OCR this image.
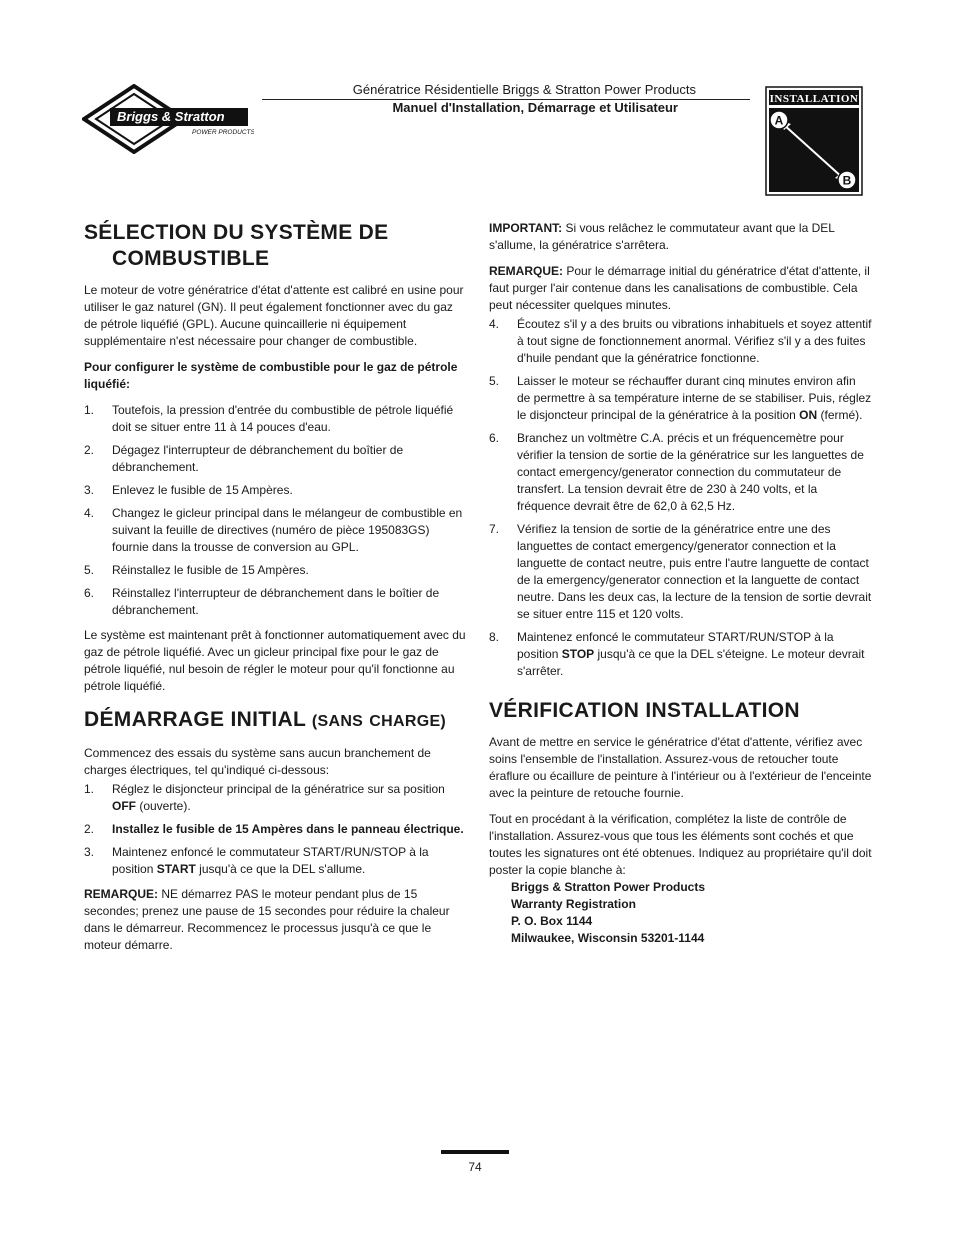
Briggs & Stratton
POWER PRODUCTS
Génératrice Résidentielle Briggs & Stratton Power Products
Manuel d'Installation, Démarrage et Utilisateur
INSTALLATION
A
B
SÉLECTION DU SYSTÈME DE COMBUSTIBLE

Le moteur de votre génératrice d'état d'attente est calibré en usine pour utiliser le gaz naturel (GN). Il peut également fonctionner avec du gaz de pétrole liquéfié (GPL). Aucune quincaillerie ni équipement supplémentaire n'est nécessaire pour changer de combustible.

Pour configurer le système de combustible pour le gaz de pétrole liquéfié:

1. Toutefois, la pression d'entrée du combustible de pétrole liquéfié doit se situer entre 11 à 14 pouces d'eau.
2. Dégagez l'interrupteur de débranchement du boîtier de débranchement.
3. Enlevez le fusible de 15 Ampères.
4. Changez le gicleur principal dans le mélangeur de combustible en suivant la feuille de directives (numéro de pièce 195083GS) fournie dans la trousse de conversion au GPL.
5. Réinstallez le fusible de 15 Ampères.
6. Réinstallez l'interrupteur de débranchement dans le boîtier de débranchement.

Le système est maintenant prêt à fonctionner automatiquement avec du gaz de pétrole liquéfié. Avec un gicleur principal fixe pour le gaz de pétrole liquéfié, nul besoin de régler le moteur pour qu'il fonctionne au pétrole liquéfié.

DÉMARRAGE INITIAL (SANS CHARGE)

Commencez des essais du système sans aucun branchement de charges électriques, tel qu'indiqué ci-dessous:

1. Réglez le disjoncteur principal de la génératrice sur sa position OFF (ouverte).
2. Installez le fusible de 15 Ampères dans le panneau électrique.
3. Maintenez enfoncé le commutateur START/RUN/STOP à la position START jusqu'à ce que la DEL s'allume.

REMARQUE: NE démarrez PAS le moteur pendant plus de 15 secondes; prenez une pause de 15 secondes pour réduire la chaleur dans le démarreur. Recommencez le processus jusqu'à ce que le moteur démarre.

IMPORTANT: Si vous relâchez le commutateur avant que la DEL s'allume, la génératrice s'arrêtera.

REMARQUE: Pour le démarrage initial du génératrice d'état d'attente, il faut purger l'air contenue dans les canalisations de combustible. Cela peut nécessiter quelques minutes.

4. Écoutez s'il y a des bruits ou vibrations inhabituels et soyez attentif à tout signe de fonctionnement anormal. Vérifiez s'il y a des fuites d'huile pendant que la génératrice fonctionne.
5. Laisser le moteur se réchauffer durant cinq minutes environ afin de permettre à sa température interne de se stabiliser. Puis, réglez le disjoncteur principal de la génératrice à la position ON (fermé).
6. Branchez un voltmètre C.A. précis et un fréquencemètre pour vérifier la tension de sortie de la génératrice sur les languettes de contact emergency/generator connection du commutateur de transfert. La tension devrait être de 230 à 240 volts, et la fréquence devrait être de 62,0 à 62,5 Hz.
7. Vérifiez la tension de sortie de la génératrice entre une des languettes de contact emergency/generator connection et la languette de contact neutre, puis entre l'autre languette de contact de la emergency/generator connection et la languette de contact neutre. Dans les deux cas, la lecture de la tension de sortie devrait se situer entre 115 et 120 volts.
8. Maintenez enfoncé le commutateur START/RUN/STOP à la position STOP jusqu'à ce que la DEL s'éteigne. Le moteur devrait s'arrêter.
VÉRIFICATION INSTALLATION

Avant de mettre en service le génératrice d'état d'attente, vérifiez avec soins l'ensemble de l'installation. Assurez-vous de retoucher toute éraflure ou écaillure de peinture à l'intérieur ou à l'extérieur de l'enceinte avec la peinture de retouche fournie.

Tout en procédant à la vérification, complétez la liste de contrôle de l'installation. Assurez-vous que tous les éléments sont cochés et que toutes les signatures ont été obtenues. Indiquez au propriétaire qu'il doit poster la copie blanche à:

Briggs & Stratton Power Products
Warranty Registration
P. O. Box 1144
Milwaukee, Wisconsin 53201-1144
74
